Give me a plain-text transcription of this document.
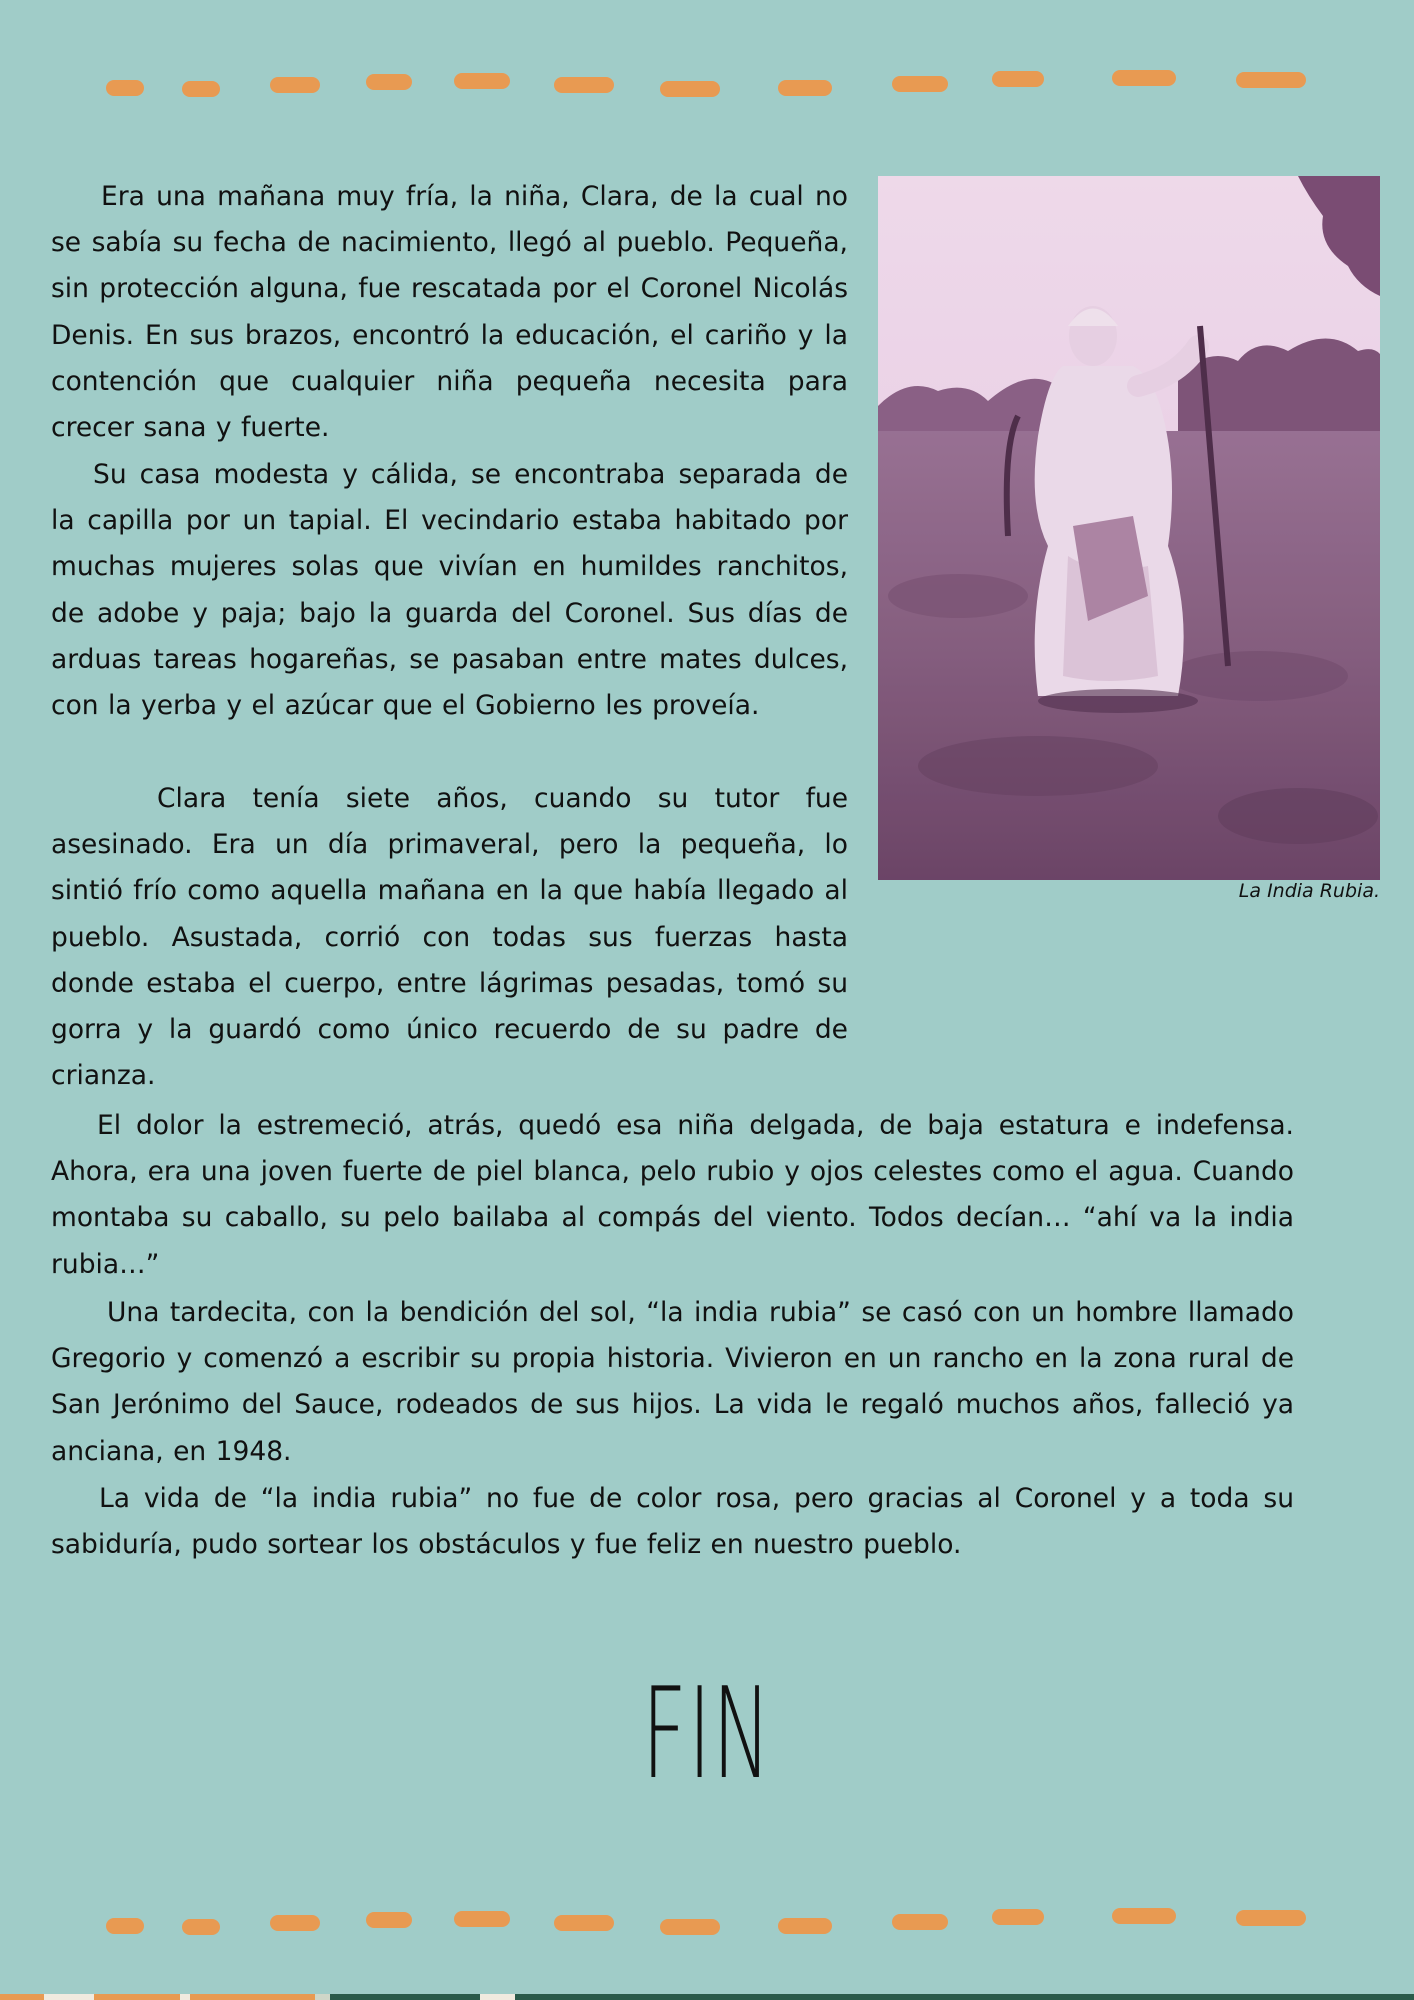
Era una mañana muy fría, la niña, Clara, de la cual no se sabía su fecha de nacimiento, llegó al pueblo. Pequeña, sin protección alguna, fue rescatada por el Coronel Nicolás Denis. En sus brazos, encontró la educación, el cariño y la contención que cualquier niña pequeña necesita para crecer sana y fuerte.

Su casa modesta y cálida, se encontraba separada de la capilla por un tapial. El vecindario estaba habitado por muchas mujeres solas que vivían en humildes ranchitos, de adobe y paja; bajo la guarda del Coronel. Sus días de arduas tareas hogareñas, se pasaban entre mates dulces, con la yerba y el azúcar que el Gobierno les proveía.

Clara tenía siete años, cuando su tutor fue asesinado. Era un día primaveral, pero la pequeña, lo sintió frío como aquella mañana en la que había llegado al pueblo. Asustada, corrió con todas sus fuerzas hasta donde estaba el cuerpo, entre lágrimas pesadas, tomó su gorra y la guardó como único recuerdo de su padre de crianza.

El dolor la estremeció, atrás, quedó esa niña delgada, de baja estatura e indefensa. Ahora, era una joven fuerte de piel blanca, pelo rubio y ojos celestes como el agua. Cuando montaba su caballo, su pelo bailaba al compás del viento. Todos decían… “ahí va la india rubia…”

Una tardecita, con la bendición del sol, “la india rubia” se casó con un hombre llamado Gregorio y comenzó a escribir su propia historia. Vivieron en un rancho en la zona rural de San Jerónimo del Sauce, rodeados de sus hijos. La vida le regaló muchos años, falleció ya anciana, en 1948.

La vida de “la india rubia” no fue de color rosa, pero gracias al Coronel y a toda su sabiduría, pudo sortear los obstáculos y fue feliz en nuestro pueblo.

La India Rubia.
FIN
